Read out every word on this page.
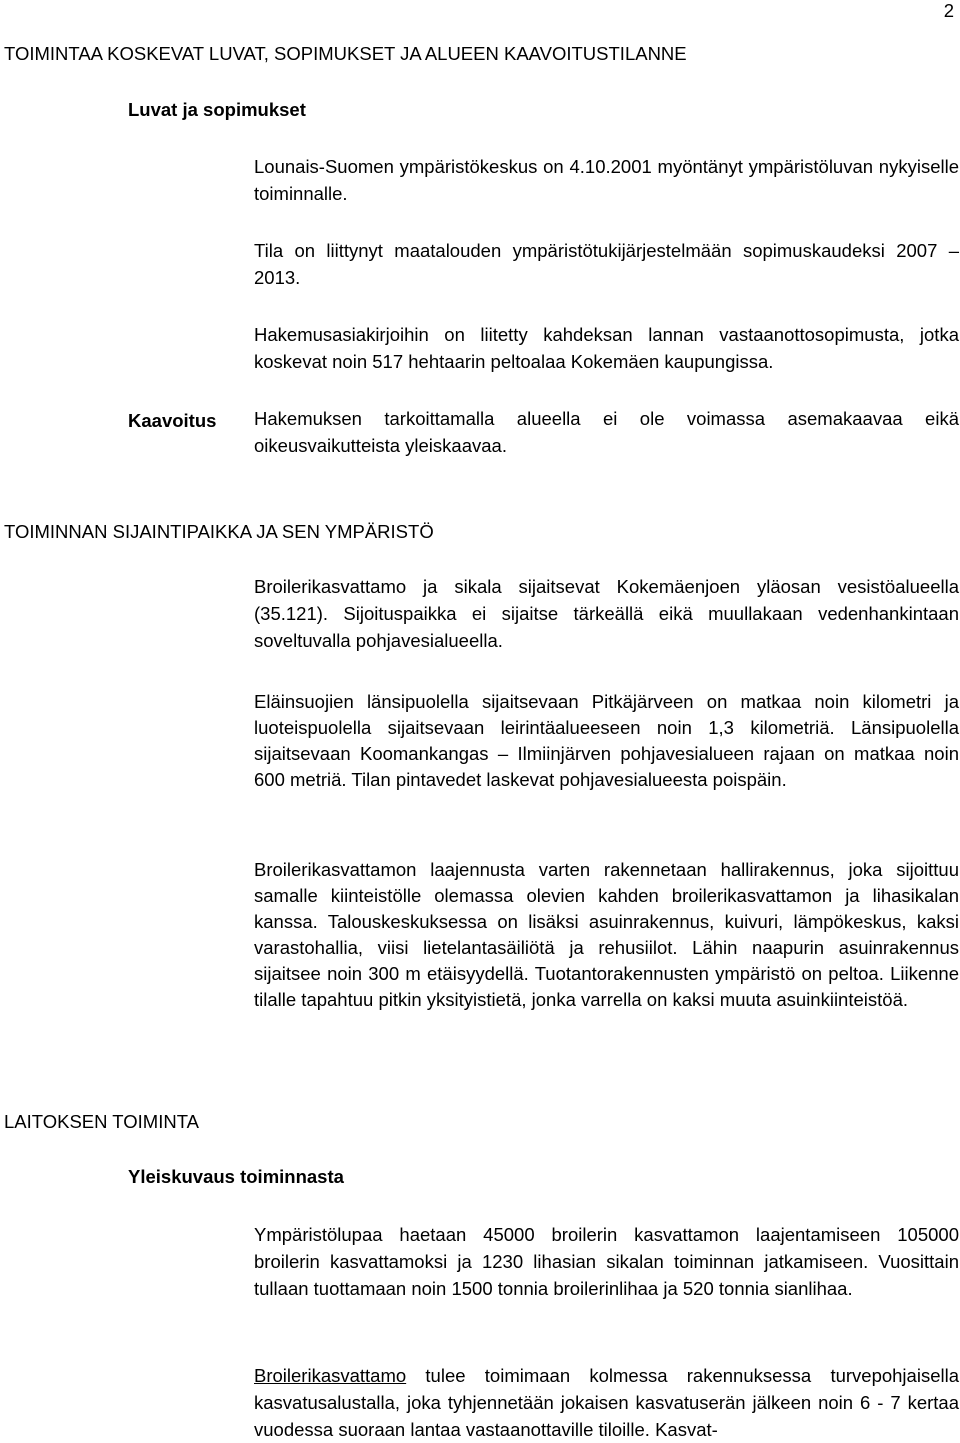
2
TOIMINTAA KOSKEVAT LUVAT, SOPIMUKSET JA ALUEEN KAAVOITUSTILANNE
Luvat ja sopimukset
Lounais-Suomen ympäristökeskus on 4.10.2001 myöntänyt ympäristöluvan nykyiselle toiminnalle.
Tila on liittynyt maatalouden ympäristötukijärjestelmään sopimuskaudeksi 2007 – 2013.
Hakemusasiakirjoihin on liitetty kahdeksan lannan vastaanottosopimusta, jotka koskevat noin 517 hehtaarin peltoalaa Kokemäen kaupungissa.
Kaavoitus Hakemuksen tarkoittamalla alueella ei ole voimassa asemakaavaa eikä oikeusvaikutteista yleiskaavaa.
TOIMINNAN SIJAINTIPAIKKA JA SEN YMPÄRISTÖ
Broilerikasvattamo ja sikala sijaitsevat Kokemäenjoen yläosan vesistöalueella (35.121). Sijoituspaikka ei sijaitse tärkeällä eikä muullakaan vedenhankintaan soveltuvalla pohjavesialueella.
Eläinsuojien länsipuolella sijaitsevaan Pitkäjärveen on matkaa noin kilometri ja luoteispuolella sijaitsevaan leirintäalueeseen noin 1,3 kilometriä. Länsipuolella sijaitsevaan Koomankangas – Ilmiinjärven pohjavesialueen rajaan on matkaa noin 600 metriä. Tilan pintavedet laskevat pohjavesialueesta poispäin.
Broilerikasvattamon laajennusta varten rakennetaan hallirakennus, joka sijoittuu samalle kiinteistölle olemassa olevien kahden broilerikasvattamon ja lihasikalan kanssa. Talouskeskuksessa on lisäksi asuinrakennus, kuivuri, lämpökeskus, kaksi varastohallia, viisi lietelantasäiliötä ja rehusiilot. Lähin naapurin asuinrakennus sijaitsee noin 300 m etäisyydellä. Tuotantorakennusten ympäristö on peltoa. Liikenne tilalle tapahtuu pitkin yksityistietä, jonka varrella on kaksi muuta asuinkiinteistöä.
LAITOKSEN TOIMINTA
Yleiskuvaus toiminnasta
Ympäristölupaa haetaan 45000 broilerin kasvattamon laajentamiseen 105000 broilerin kasvattamoksi ja 1230 lihasian sikalan toiminnan jatkamiseen. Vuosittain tullaan tuottamaan noin 1500 tonnia broilerinlihaa ja 520 tonnia sianlihaa.
Broilerikasvattamo tulee toimimaan kolmessa rakennuksessa turvepohjaisella kasvatusalustalla, joka tyhjennetään jokaisen kasvatuserän jälkeen noin 6 - 7 kertaa vuodessa suoraan lantaa vastaanottaville tiloille. Kasvat-
